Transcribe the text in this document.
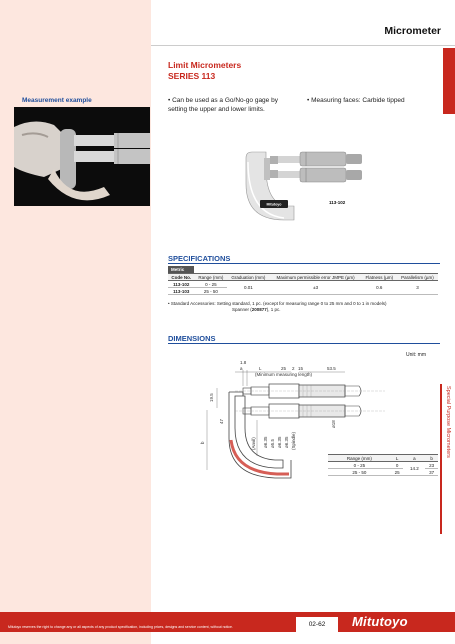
Micrometer
02 Micrometers
Special Purpose Micrometers
Limit Micrometers
SERIES 113
Measurement example	• Can be used as a Go/No-go gage by
setting the upper and lower limits.
• Measuring faces: Carbide tipped
Mitutoyo	113-102
SPECIFICATIONS
Metric
Code No.	Range (mm)	Graduation (mm)	Maximum permissible error JMPE (µm)	Flatness (µm)	Parallelism (µm)
113-102	0 - 25	0.01	±3	0.6	3
113-103	25 - 50				
• Standard Accessories: Setting standard, 1 pc. (except for measuring range 0 to 25 mm and 0 to 1 in models)
Spanner (200877), 1 pc.
DIMENSIONS
Unit: mm
1.8
a	L	25 2 15	53.5
(Minimum measuring length)
19.5
b	ø6.35 ø5.5 ø6.35 ø6.35 (Spindle)
(Anvil)
ø18
47
Range (mm)	L	a	b
0 - 25	0	14.2	23
25 - 50	25		37
Mitutoyo reserves the right to change any or all aspects of any product specification, including prices, designs and service content, without notice.	02-62	Mitutoyo
